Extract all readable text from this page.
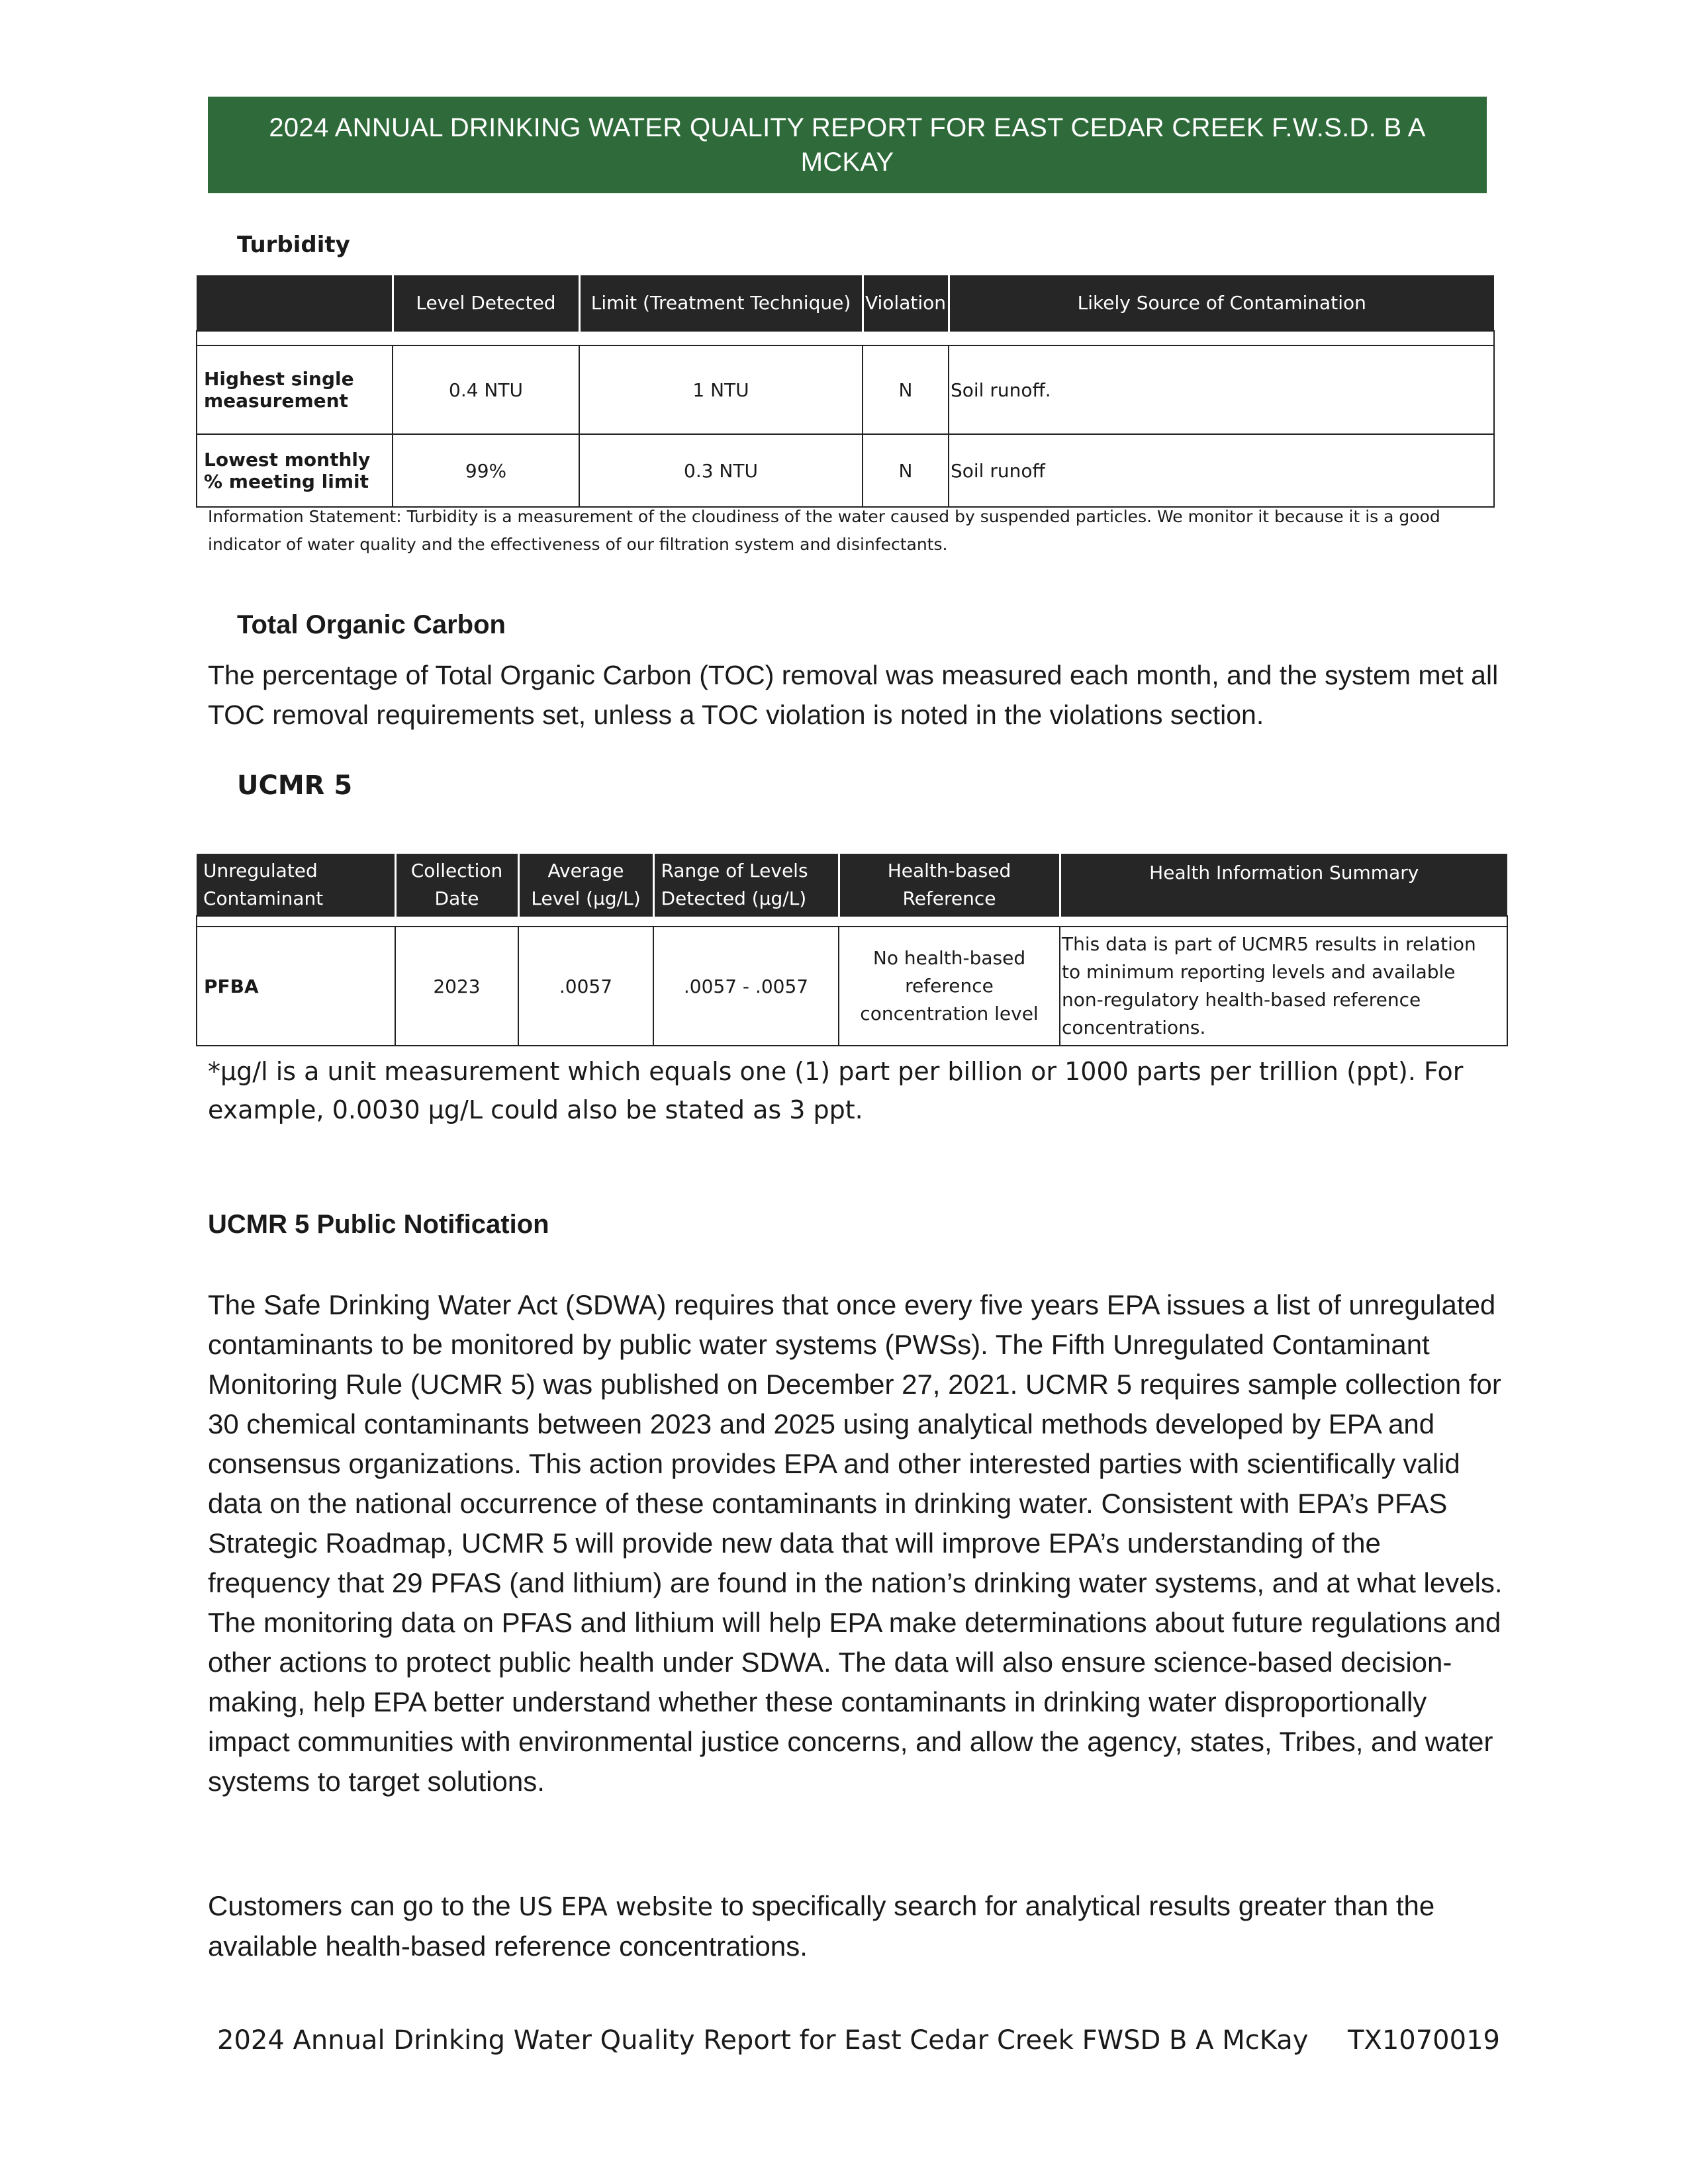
2024 ANNUAL DRINKING WATER QUALITY REPORT FOR EAST CEDAR CREEK F.W.S.D. B A MCKAY
Turbidity
	Level Detected	Limit (Treatment Technique)	Violation	Likely Source of Contamination

Highest single measurement	0.4 NTU	1 NTU	N	Soil runoff.
Lowest monthly % meeting limit	99%	0.3 NTU	N	Soil runoff
Information Statement: Turbidity is a measurement of the cloudiness of the water caused by suspended particles. We monitor it because it is a good indicator of water quality and the effectiveness of our filtration system and disinfectants.
Total Organic Carbon
The percentage of Total Organic Carbon (TOC) removal was measured each month, and the system met all TOC removal requirements set, unless a TOC violation is noted in the violations section.
UCMR 5
Unregulated Contaminant	Collection Date	Average Level (µg/L)	Range of Levels Detected (µg/L)	Health-based Reference	Health Information Summary

PFBA	2023	.0057	.0057 - .0057	No health-based reference concentration level	This data is part of UCMR5 results in relation to minimum reporting levels and available non-regulatory health-based reference concentrations.
*µg/l is a unit measurement which equals one (1) part per billion or 1000 parts per trillion (ppt). For example, 0.0030 µg/L could also be stated as 3 ppt.
UCMR 5 Public Notification
The Safe Drinking Water Act (SDWA) requires that once every five years EPA issues a list of unregulated contaminants to be monitored by public water systems (PWSs). The Fifth Unregulated Contaminant Monitoring Rule (UCMR 5) was published on December 27, 2021. UCMR 5 requires sample collection for 30 chemical contaminants between 2023 and 2025 using analytical methods developed by EPA and consensus organizations. This action provides EPA and other interested parties with scientifically valid data on the national occurrence of these contaminants in drinking water. Consistent with EPA’s PFAS Strategic Roadmap, UCMR 5 will provide new data that will improve EPA’s understanding of the frequency that 29 PFAS (and lithium) are found in the nation’s drinking water systems, and at what levels. The monitoring data on PFAS and lithium will help EPA make determinations about future regulations and other actions to protect public health under SDWA. The data will also ensure science-based decision-making, help EPA better understand whether these contaminants in drinking water disproportionally impact communities with environmental justice concerns, and allow the agency, states, Tribes, and water systems to target solutions.
Customers can go to the US EPA website to specifically search for analytical results greater than the available health-based reference concentrations.
2024 Annual Drinking Water Quality Report for East Cedar Creek FWSD B A McKay TX1070019
